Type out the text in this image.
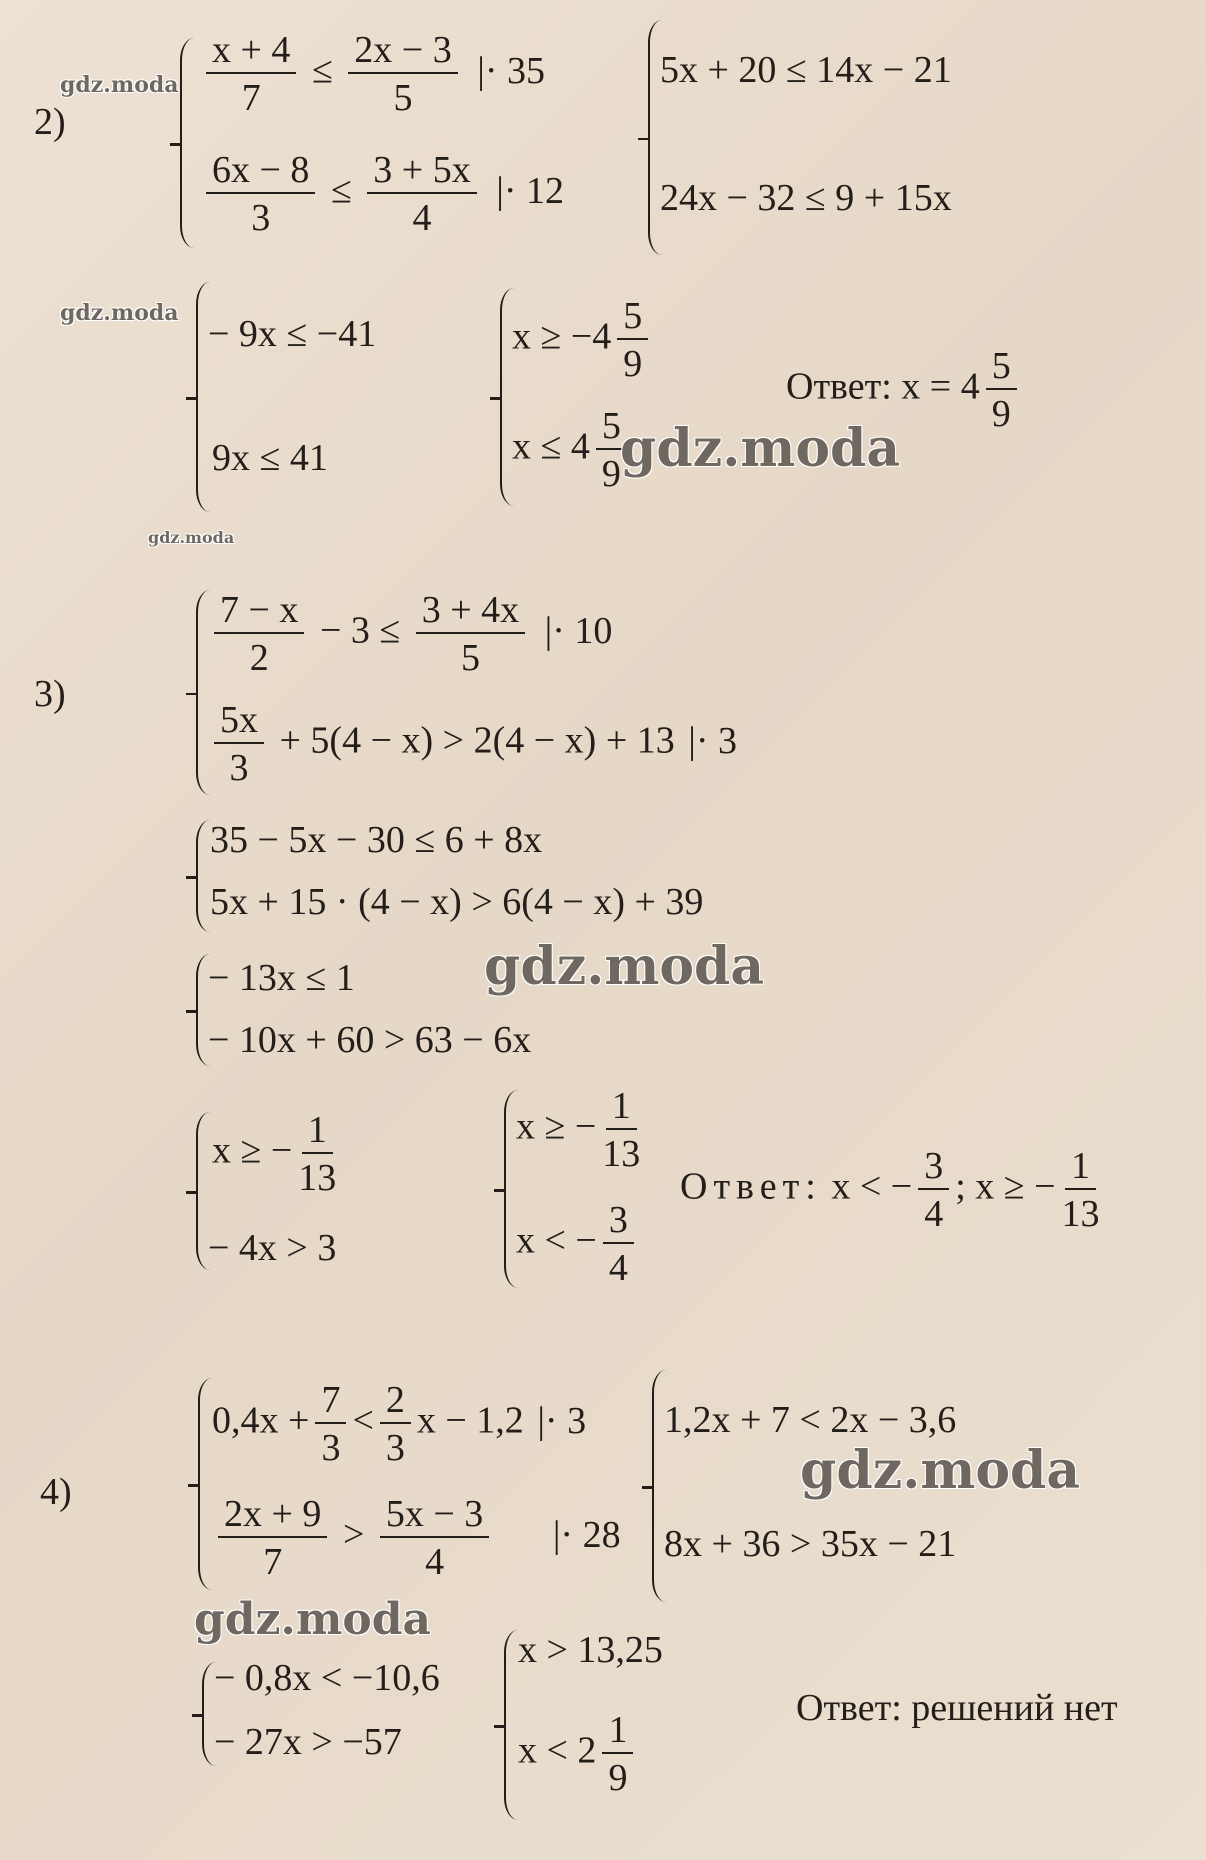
2)
gdz.moda $\frac{x + 4}{7} \le \frac{2x - 3}{5}$ |· 35
$\frac{6x - 8}{3} \le \frac{3 + 5x}{4}$ |· 12
5x + 20 ≤ 14x − 21
24x − 32 ≤ 9 + 15x
gdz.moda − 9x ≤ −41
9x ≤ 41
$x \ge -4 \frac{5}{9}$
$x \le 4 \frac{5}{9}$
Ответ: $x = 4 \frac{5}{9}$
gdz.moda
gdz.moda
3)
$\frac{7 - x}{2} - 3 \le \frac{3 + 4x}{5}$ |· 10
$\frac{5x}{3} + 5(4 - x) > 2(4 - x) + 13$ |· 3
35 − 5x − 30 ≤ 6 + 8x
5x + 15 · (4 − x) > 6(4 − x) + 39
gdz.moda
− 13x ≤ 1
− 10x + 60 > 63 − 6x
x ≥ − $\frac{1}{13}$
− 4x > 3
x ≥ − $\frac{1}{13}$
x < − $\frac{3}{4}$
Ответ: x < − $\frac{3}{4}$ ; x ≥ − $\frac{1}{13}$
4)
$0,4x + \frac{7}{3} < \frac{2}{3}$ x − 1,2 |· 3
$\frac{2x + 9}{7} > \frac{5x - 3}{4}$ |· 28
1,2x + 7 < 2x − 3,6
8x + 36 > 35x − 21
gdz.moda
gdz.moda
− 0,8x < −10,6
− 27x > −57
x > 13,25
$x < 2 \frac{1}{9}$
Ответ: решений нет
